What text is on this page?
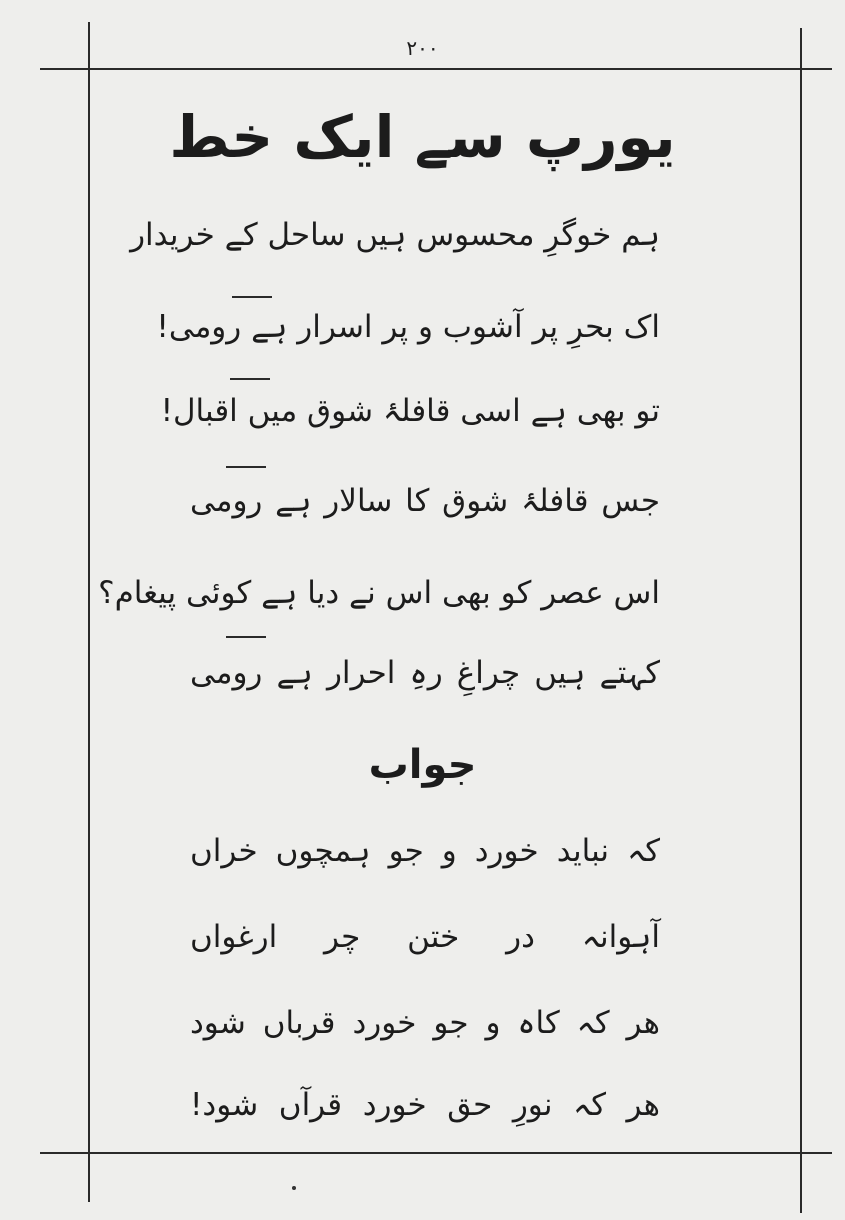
۲۰۰
یورپ سے ایک خط
ہم خوگرِ محسوس ہیں ساحل کے خریدار
اک بحرِ پر آشوب و پر اسرار ہے رومی!
تو بھی ہے اسی قافلۂ شوق میں اقبال!
جس قافلۂ شوق کا سالار ہے رومی
اس عصر کو بھی اس نے دیا ہے کوئی پیغام؟
کہتے ہیں چراغِ رہِ احرار ہے رومی
جواب
کہ نباید خورد و جو ہمچوں خراں
آہوانہ در ختن چر ارغواں
ھر کہ کاہ و جو خورد قرباں شود
ھر کہ نورِ حق خورد قرآں شود!
